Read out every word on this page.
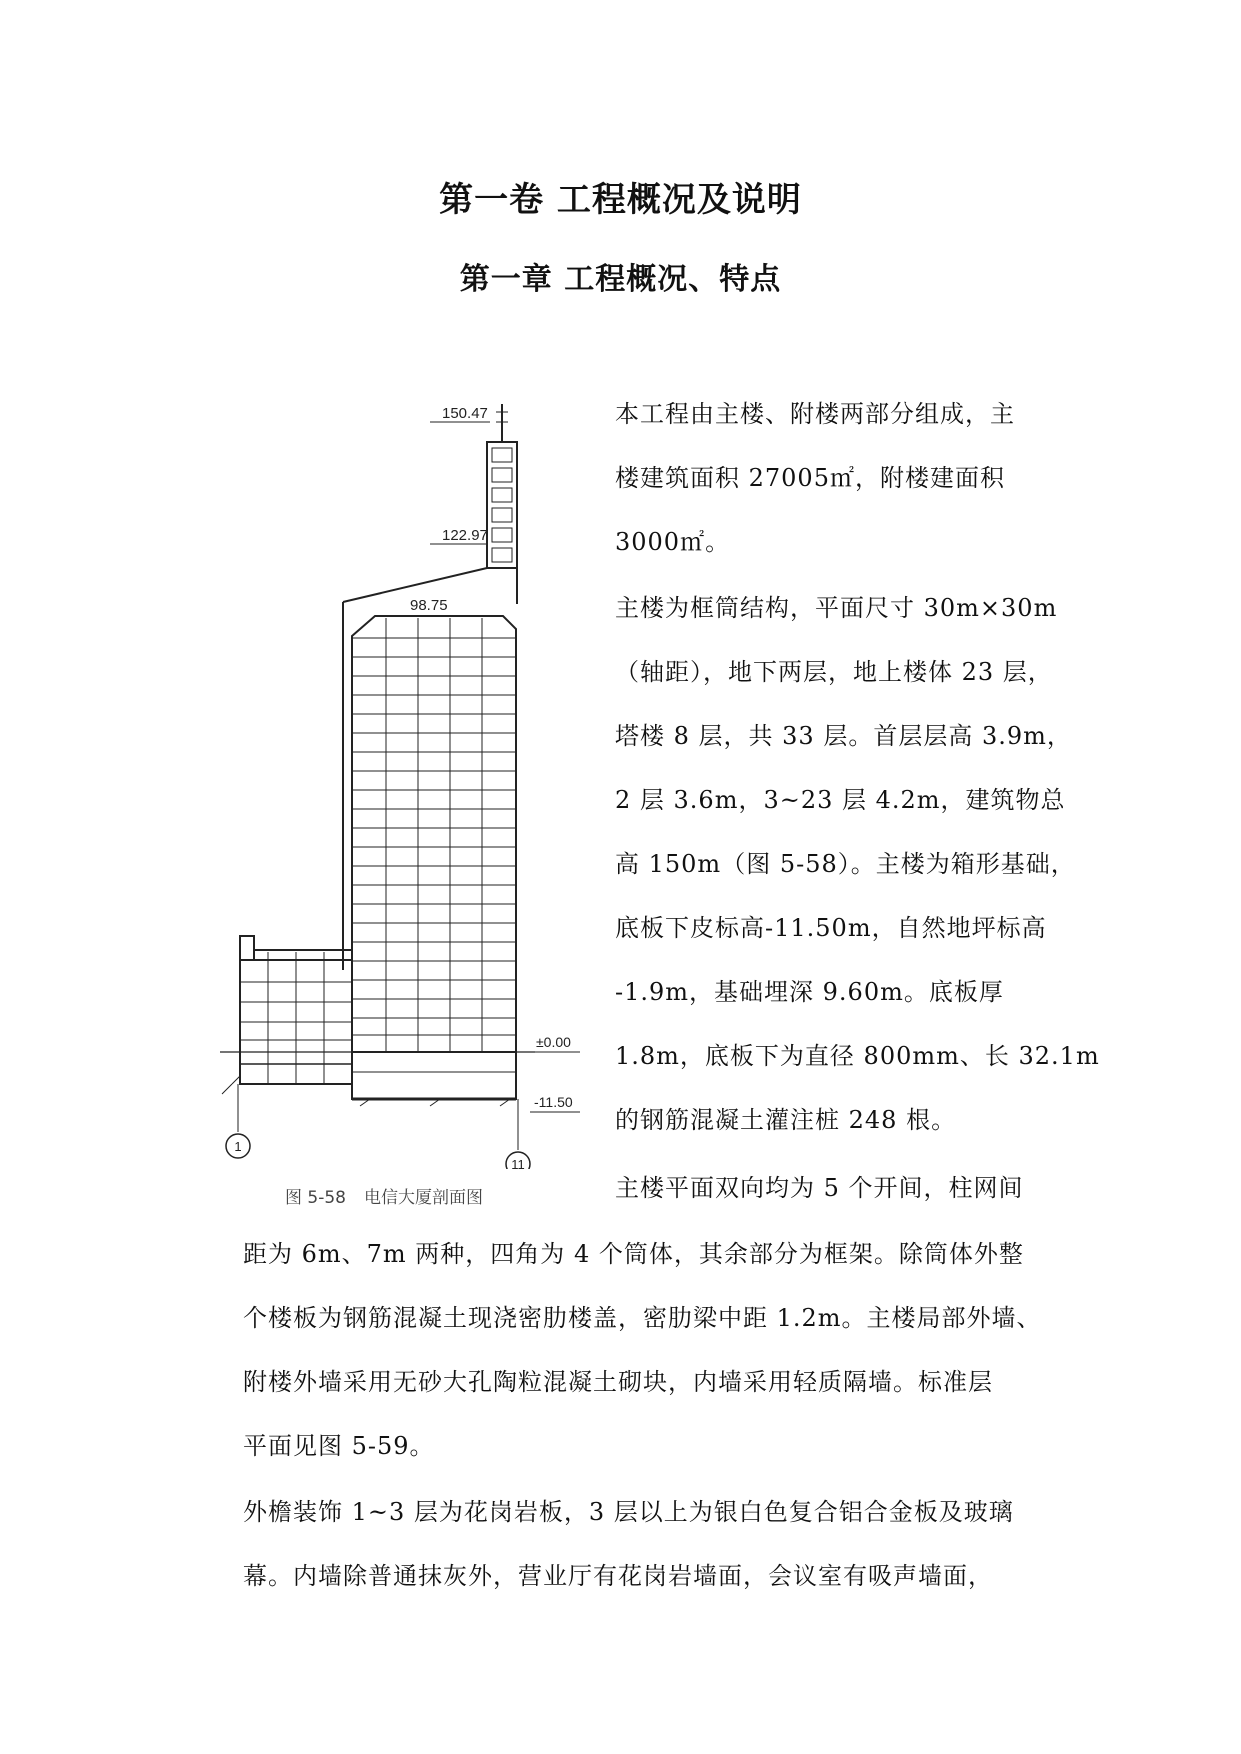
第一卷 工程概况及说明
第一章 工程概况、特点
150.47
122.97
98.75
±0.00
-11.50
1
11
图 5-58 电信大厦剖面图
本工程由主楼、附楼两部分组成，主
楼建筑面积 27005㎡，附楼建面积
3000㎡。
主楼为框筒结构，平面尺寸 30m×30m
（轴距），地下两层，地上楼体 23 层，
塔楼 8 层，共 33 层。首层层高 3.9m，
2 层 3.6m，3~23 层 4.2m，建筑物总
高 150m（图 5-58）。主楼为箱形基础，
底板下皮标高-11.50m，自然地坪标高
-1.9m，基础埋深 9.60m。底板厚
1.8m，底板下为直径 800mm、长 32.1m
的钢筋混凝土灌注桩 248 根。
主楼平面双向均为 5 个开间，柱网间
距为 6m、7m 两种，四角为 4 个筒体，其余部分为框架。除筒体外整
个楼板为钢筋混凝土现浇密肋楼盖，密肋梁中距 1.2m。主楼局部外墙、
附楼外墙采用无砂大孔陶粒混凝土砌块，内墙采用轻质隔墙。标准层
平面见图 5-59。
外檐装饰 1~3 层为花岗岩板，3 层以上为银白色复合铝合金板及玻璃
幕。内墙除普通抹灰外，营业厅有花岗岩墙面，会议室有吸声墙面，
